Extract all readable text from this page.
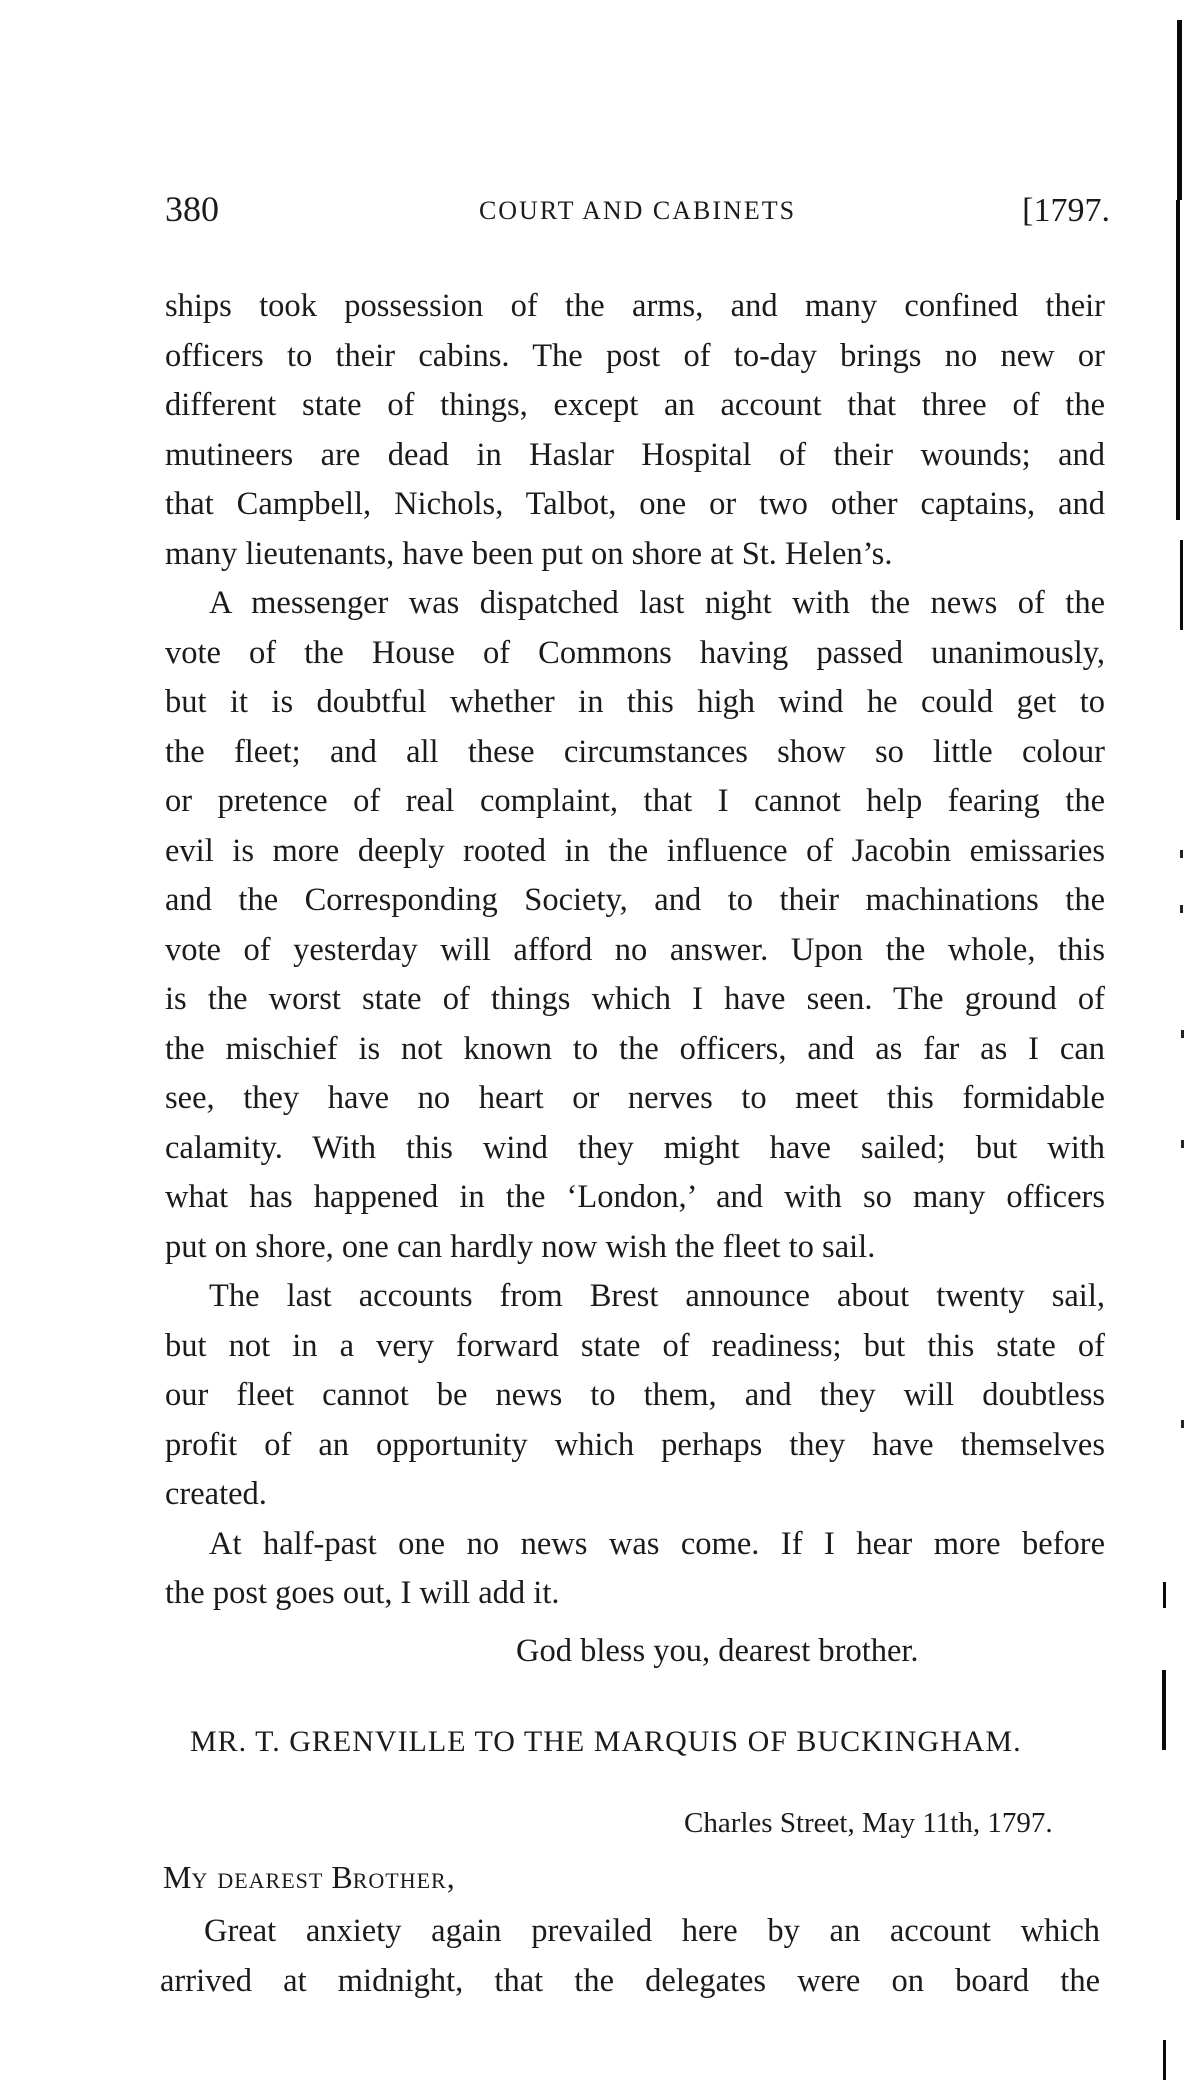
380	COURT AND CABINETS	[1797.
ships took possession of the arms, and many confined their
officers to their cabins. The post of to-day brings no new or
different state of things, except an account that three of the
mutineers are dead in Haslar Hospital of their wounds; and
that Campbell, Nichols, Talbot, one or two other captains, and
many lieutenants, have been put on shore at St. Helen’s.
A messenger was dispatched last night with the news of the
vote of the House of Commons having passed unanimously,
but it is doubtful whether in this high wind he could get to
the fleet; and all these circumstances show so little colour
or pretence of real complaint, that I cannot help fearing the
evil is more deeply rooted in the influence of Jacobin emissaries
and the Corresponding Society, and to their machinations the
vote of yesterday will afford no answer. Upon the whole, this
is the worst state of things which I have seen. The ground of
the mischief is not known to the officers, and as far as I can
see, they have no heart or nerves to meet this formidable
calamity. With this wind they might have sailed; but with
what has happened in the ‘London,’ and with so many officers
put on shore, one can hardly now wish the fleet to sail.
The last accounts from Brest announce about twenty sail,
but not in a very forward state of readiness; but this state of
our fleet cannot be news to them, and they will doubtless
profit of an opportunity which perhaps they have themselves
created.
At half-past one no news was come. If I hear more before
the post goes out, I will add it.
God bless you, dearest brother.
MR. T. GRENVILLE TO THE MARQUIS OF BUCKINGHAM.
Charles Street, May 11th, 1797.
My dearest Brother,
Great anxiety again prevailed here by an account which
arrived at midnight, that the delegates were on board the
